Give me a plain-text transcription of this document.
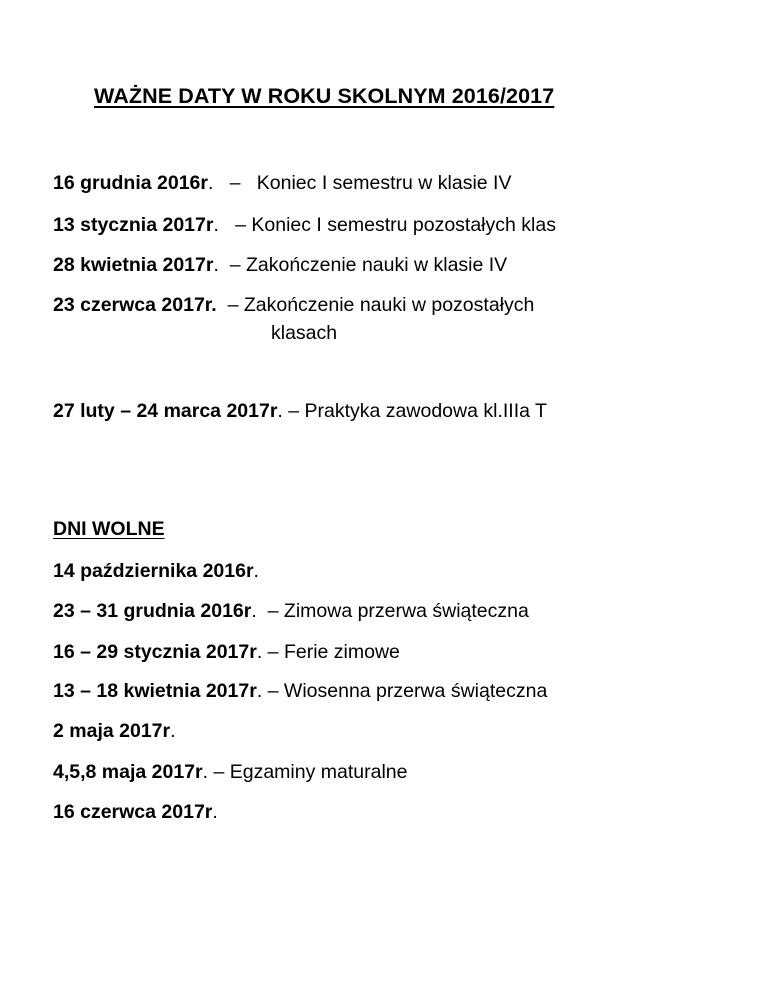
WAŻNE DATY W ROKU SKOLNYM 2016/2017
16 grudnia 2016r.   –   Koniec I semestru w klasie IV
13 stycznia 2017r.   – Koniec I semestru pozostałych klas
28 kwietnia 2017r.  – Zakończenie nauki w klasie IV
23 czerwca 2017r.  – Zakończenie nauki w pozostałych
klasach
27 luty – 24 marca 2017r. – Praktyka zawodowa kl.IIIa T
DNI WOLNE
14 października 2016r.
23 – 31 grudnia 2016r.  – Zimowa przerwa świąteczna
16 – 29 stycznia 2017r. – Ferie zimowe
13 – 18 kwietnia 2017r. – Wiosenna przerwa świąteczna
2 maja 2017r.
4,5,8 maja 2017r. – Egzaminy maturalne
16 czerwca 2017r.
